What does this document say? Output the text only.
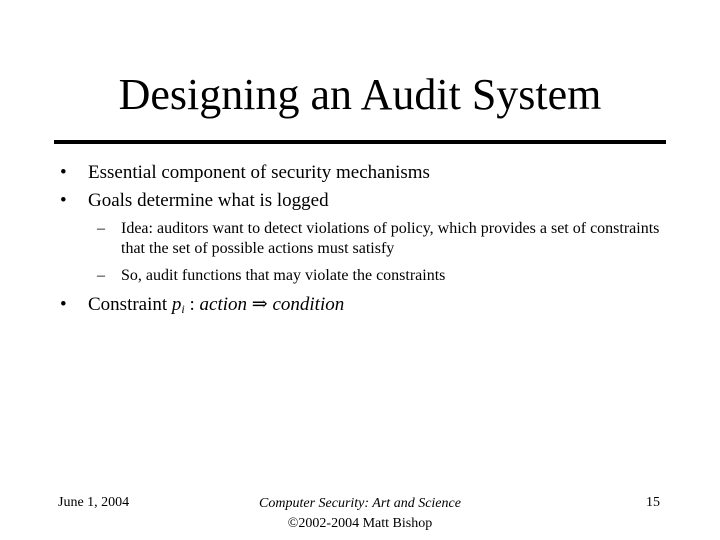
Designing an Audit System
• Essential component of security mechanisms
• Goals determine what is logged
– Idea: auditors want to detect violations of policy, which provides a set of constraints that the set of possible actions must satisfy
– So, audit functions that may violate the constraints
• Constraint pi : action ⇒ condition
June 1, 2004	Computer Security: Art and Science
©2002-2004 Matt Bishop
15
